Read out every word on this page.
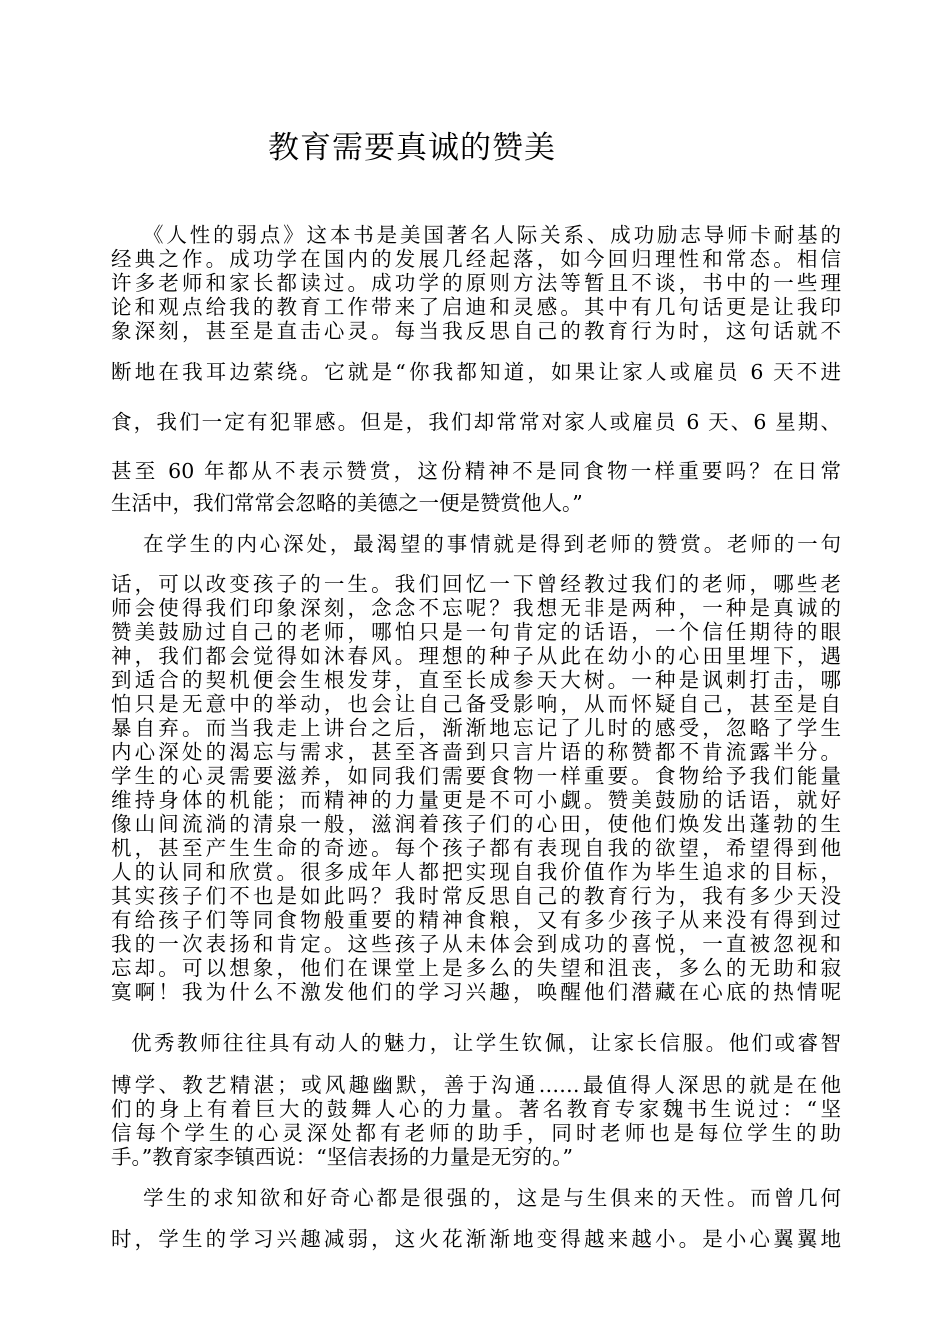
教育需要真诚的赞美
《人性的弱点》这本书是美国著名人际关系、成功励志导师卡耐基的
经典之作。成功学在国内的发展几经起落，如今回归理性和常态。相信
许多老师和家长都读过。成功学的原则方法等暂且不谈，书中的一些理
论和观点给我的教育工作带来了启迪和灵感。其中有几句话更是让我印
象深刻，甚至是直击心灵。每当我反思自己的教育行为时，这句话就不
断地在我耳边萦绕。它就是“你我都知道，如果让家人或雇员 6 天不进
食，我们一定有犯罪感。但是，我们却常常对家人或雇员 6 天、6 星期、
甚至 60 年都从不表示赞赏，这份精神不是同食物一样重要吗？在日常
生活中，我们常常会忽略的美德之一便是赞赏他人。”
在学生的内心深处，最渴望的事情就是得到老师的赞赏。老师的一句
话，可以改变孩子的一生。我们回忆一下曾经教过我们的老师，哪些老
师会使得我们印象深刻，念念不忘呢？我想无非是两种，一种是真诚的
赞美鼓励过自己的老师，哪怕只是一句肯定的话语，一个信任期待的眼
神，我们都会觉得如沐春风。理想的种子从此在幼小的心田里埋下，遇
到适合的契机便会生根发芽，直至长成参天大树。一种是讽刺打击，哪
怕只是无意中的举动，也会让自己备受影响，从而怀疑自己，甚至是自
暴自弃。而当我走上讲台之后，渐渐地忘记了儿时的感受，忽略了学生
内心深处的渴忘与需求，甚至吝啬到只言片语的称赞都不肯流露半分。
学生的心灵需要滋养，如同我们需要食物一样重要。食物给予我们能量
维持身体的机能；而精神的力量更是不可小觑。赞美鼓励的话语，就好
像山间流淌的清泉一般，滋润着孩子们的心田，使他们焕发出蓬勃的生
机，甚至产生生命的奇迹。每个孩子都有表现自我的欲望，希望得到他
人的认同和欣赏。很多成年人都把实现自我价值作为毕生追求的目标，
其实孩子们不也是如此吗？我时常反思自己的教育行为，我有多少天没
有给孩子们等同食物般重要的精神食粮，又有多少孩子从来没有得到过
我的一次表扬和肯定。这些孩子从未体会到成功的喜悦，一直被忽视和
忘却。可以想象，他们在课堂上是多么的失望和沮丧，多么的无助和寂
寞啊！我为什么不激发他们的学习兴趣，唤醒他们潜藏在心底的热情呢
优秀教师往往具有动人的魅力，让学生钦佩，让家长信服。他们或睿智
博学、教艺精湛；或风趣幽默，善于沟通……最值得人深思的就是在他
们的身上有着巨大的鼓舞人心的力量。著名教育专家魏书生说过：“坚
信每个学生的心灵深处都有老师的助手，同时老师也是每位学生的助
手。”教育家李镇西说：“坚信表扬的力量是无穷的。”
学生的求知欲和好奇心都是很强的，这是与生俱来的天性。而曾几何
时，学生的学习兴趣减弱，这火花渐渐地变得越来越小。是小心翼翼地
